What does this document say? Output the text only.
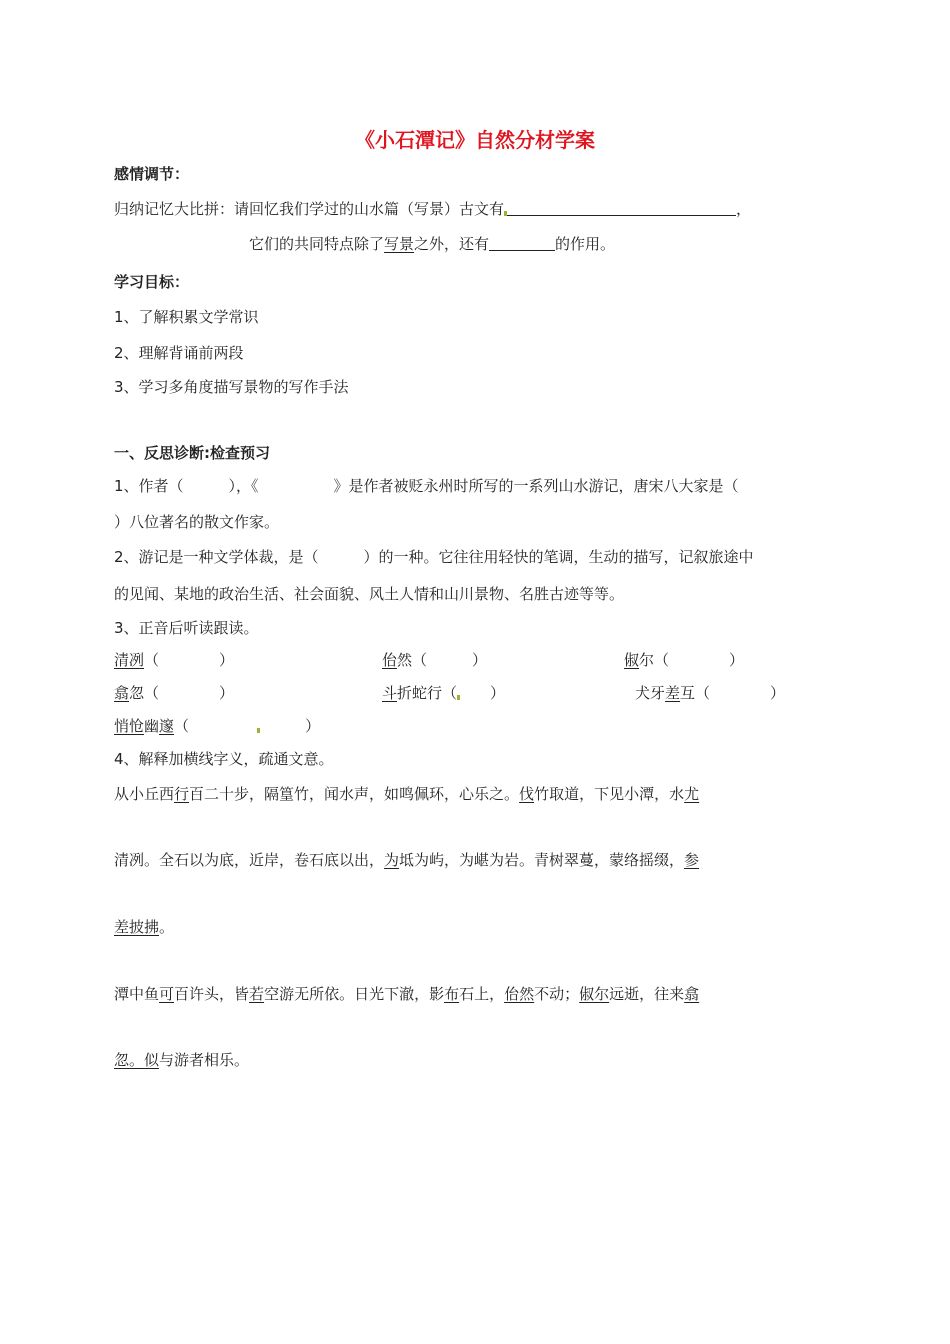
《小石潭记》自然分材学案
感情调节：
归纳记忆大比拼：请回忆我们学过的山水篇（写景）古文有	，
它们的共同特点除了写景之外，还有	的作用。
学习目标：
1、了解积累文学常识
2、理解背诵前两段
3、学习多角度描写景物的写作手法
一、反思诊断:检查预习
1、作者（　　　），《　　　　　》是作者被贬永州时所写的一系列山水游记，唐宋八大家是（
）八位著名的散文作家。
2、游记是一种文学体裁，是（　　　）的一种。它往往用轻快的笔调，生动的描写，记叙旅途中
的见闻、某地的政治生活、社会面貌、风土人情和山川景物、名胜古迹等等。
3、正音后听读跟读。
清冽（　　　　）	佁然（　　　）	俶尔（　　　　）
翕忽（　　　　）	斗折蛇行（　　）	犬牙差互（　　　　）
悄怆幽邃（	　　　）
4、解释加横线字义，疏通文意。
从小丘西行百二十步，隔篁竹，闻水声，如鸣佩环，心乐之。伐竹取道，下见小潭，水尤
清冽。全石以为底，近岸，卷石底以出，为坻为屿，为嵁为岩。青树翠蔓，蒙络摇缀，参
差披拂。
潭中鱼可百许头，皆若空游无所依。日光下澈，影布石上，佁然不动；俶尔远逝，往来翕
忽。似与游者相乐。
